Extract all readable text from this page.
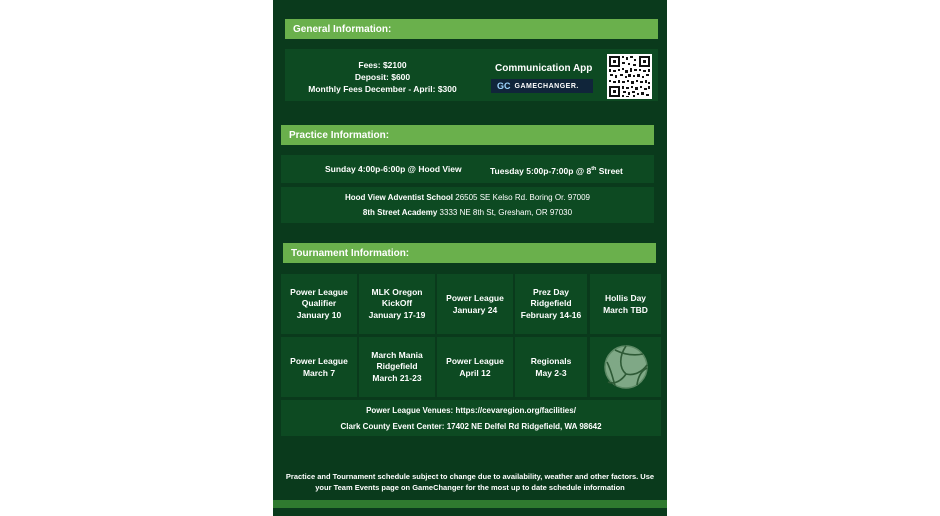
General Information:
Fees: $2100
Deposit: $600
Monthly Fees December - April: $300
Communication App
GC GAMECHANGER.
Practice Information:
Sunday 4:00p-6:00p @ Hood View	Tuesday 5:00p-7:00p @ 8th Street
Hood View Adventist School 26505 SE Kelso Rd. Boring Or. 97009
8th Street Academy 3333 NE 8th St, Gresham, OR 97030
Tournament Information:
Power League Qualifier
January 10
MLK Oregon KickOff
January 17-19
Power League
January 24
Prez Day Ridgefield
February 14-16
Hollis Day
March TBD
Power League
March 7
March Mania Ridgefield
March 21-23
Power League
April 12
Regionals
May 2-3
Power League Venues: https://cevaregion.org/facilities/
Clark County Event Center: 17402 NE Delfel Rd Ridgefield, WA 98642
Practice and Tournament schedule subject to change due to availability, weather and other factors. Use your Team Events page on GameChanger for the most up to date schedule information
